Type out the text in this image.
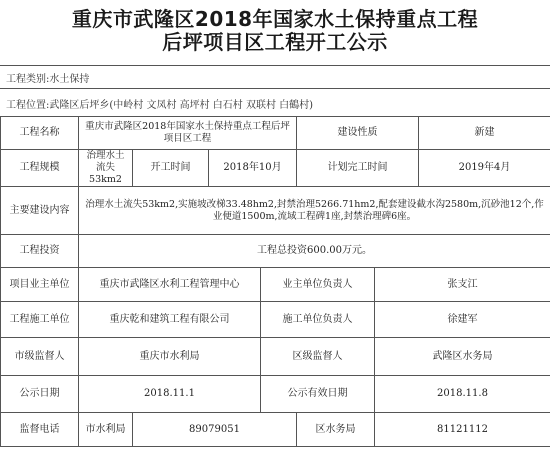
重庆市武隆区2018年国家水土保持重点工程
后坪项目区工程开工公示
工程类别:水土保持
工程位置:武隆区后坪乡(中岭村 文凤村 高坪村 白石村 双联村 白鶴村)
工程名称	重庆市武隆区2018年国家水土保持重点工程后坪项目区工程				建设性质		新建
工程规模	治理水土流失53km2	开工时间	2018年10月		计划完工时间		2019年4月
主要建设内容	治理水土流失53km2,实施坡改梯33.48hm2,封禁治理5266.71hm2,配套建设截水沟2580m,沉砂池12个,作业便道1500m,流域工程碑1座,封禁治理碑6座。						
工程投资	工程总投资600.00万元。						
项目业主单位	重庆市武隆区水利工程管理中心			业主单位负责人		张支江	
工程施工单位	重庆乾和建筑工程有限公司			施工单位负责人		徐建军	
市级监督人	重庆市水利局			区级监督人		武隆区水务局	
公示日期	2018.11.1			公示有效日期		2018.11.8	
监督电话	市水利局	89079051			区水务局	81121112	
